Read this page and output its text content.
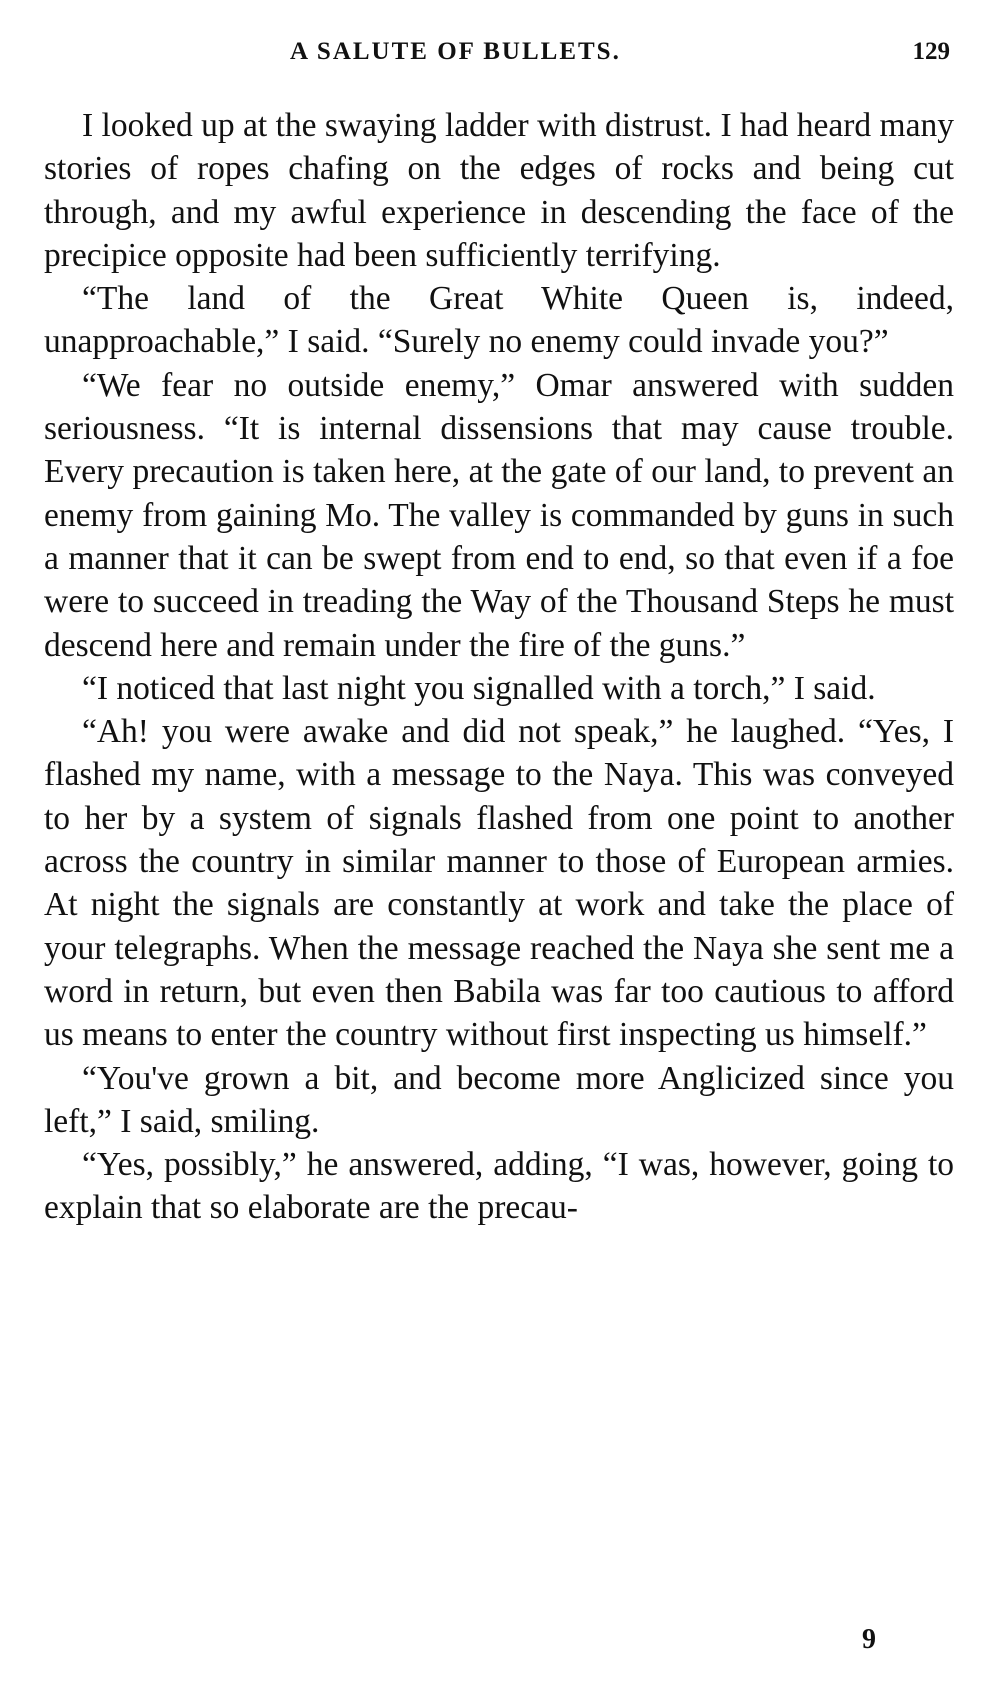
A SALUTE OF BULLETS.	129

I looked up at the swaying ladder with distrust. I had heard many stories of ropes chafing on the edges of rocks and being cut through, and my awful experience in descending the face of the precipice opposite had been sufficiently terrifying.

“The land of the Great White Queen is, indeed, unapproachable,” I said. “Surely no enemy could invade you?”

“We fear no outside enemy,” Omar answered with sudden seriousness. “It is internal dissensions that may cause trouble. Every precaution is taken here, at the gate of our land, to prevent an enemy from gaining Mo. The valley is commanded by guns in such a manner that it can be swept from end to end, so that even if a foe were to succeed in treading the Way of the Thousand Steps he must descend here and remain under the fire of the guns.”

“I noticed that last night you signalled with a torch,” I said.

“Ah! you were awake and did not speak,” he laughed. “Yes, I flashed my name, with a message to the Naya. This was conveyed to her by a system of signals flashed from one point to another across the country in similar manner to those of European armies. At night the signals are constantly at work and take the place of your telegraphs. When the message reached the Naya she sent me a word in return, but even then Babila was far too cautious to afford us means to enter the country without first inspecting us himself.”

“You've grown a bit, and become more Anglicized since you left,” I said, smiling.

“Yes, possibly,” he answered, adding, “I was, however, going to explain that so elaborate are the precau-

9
